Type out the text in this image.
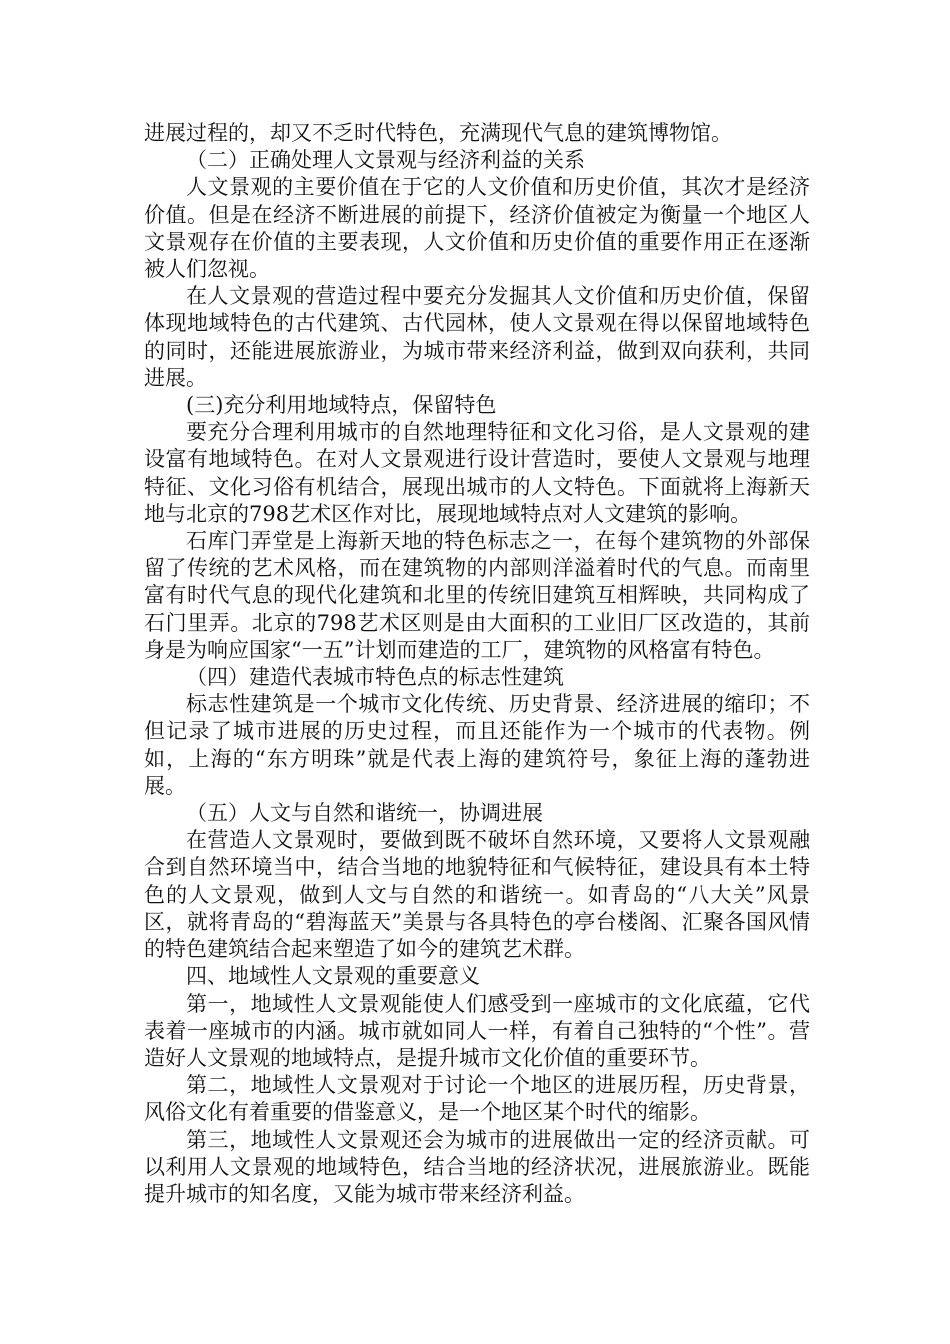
进展过程的，却又不乏时代特色，充满现代气息的建筑博物馆。

（二）正确处理人文景观与经济利益的关系

人文景观的主要价值在于它的人文价值和历史价值，其次才是经济价值。但是在经济不断进展的前提下，经济价值被定为衡量一个地区人文景观存在价值的主要表现，人文价值和历史价值的重要作用正在逐渐被人们忽视。

在人文景观的营造过程中要充分发掘其人文价值和历史价值，保留体现地域特色的古代建筑、古代园林，使人文景观在得以保留地域特色的同时，还能进展旅游业，为城市带来经济利益，做到双向获利，共同进展。

(三)充分利用地域特点，保留特色

要充分合理利用城市的自然地理特征和文化习俗，是人文景观的建设富有地域特色。在对人文景观进行设计营造时，要使人文景观与地理特征、文化习俗有机结合，展现出城市的人文特色。下面就将上海新天地与北京的798艺术区作对比，展现地域特点对人文建筑的影响。

石库门弄堂是上海新天地的特色标志之一，在每个建筑物的外部保留了传统的艺术风格，而在建筑物的内部则洋溢着时代的气息。而南里富有时代气息的现代化建筑和北里的传统旧建筑互相辉映，共同构成了石门里弄。北京的798艺术区则是由大面积的工业旧厂区改造的，其前身是为响应国家“一五”计划而建造的工厂，建筑物的风格富有特色。

（四）建造代表城市特色点的标志性建筑

标志性建筑是一个城市文化传统、历史背景、经济进展的缩印；不但记录了城市进展的历史过程，而且还能作为一个城市的代表物。例如，上海的“东方明珠”就是代表上海的建筑符号，象征上海的蓬勃进展。

（五）人文与自然和谐统一，协调进展

在营造人文景观时，要做到既不破坏自然环境，又要将人文景观融合到自然环境当中，结合当地的地貌特征和气候特征，建设具有本土特色的人文景观，做到人文与自然的和谐统一。如青岛的“八大关”风景区，就将青岛的“碧海蓝天”美景与各具特色的亭台楼阁、汇聚各国风情的特色建筑结合起来塑造了如今的建筑艺术群。

四、地域性人文景观的重要意义

第一，地域性人文景观能使人们感受到一座城市的文化底蕴，它代表着一座城市的内涵。城市就如同人一样，有着自己独特的“个性”。营造好人文景观的地域特点，是提升城市文化价值的重要环节。

第二，地域性人文景观对于讨论一个地区的进展历程，历史背景，风俗文化有着重要的借鉴意义，是一个地区某个时代的缩影。

第三，地域性人文景观还会为城市的进展做出一定的经济贡献。可以利用人文景观的地域特色，结合当地的经济状况，进展旅游业。既能提升城市的知名度，又能为城市带来经济利益。
